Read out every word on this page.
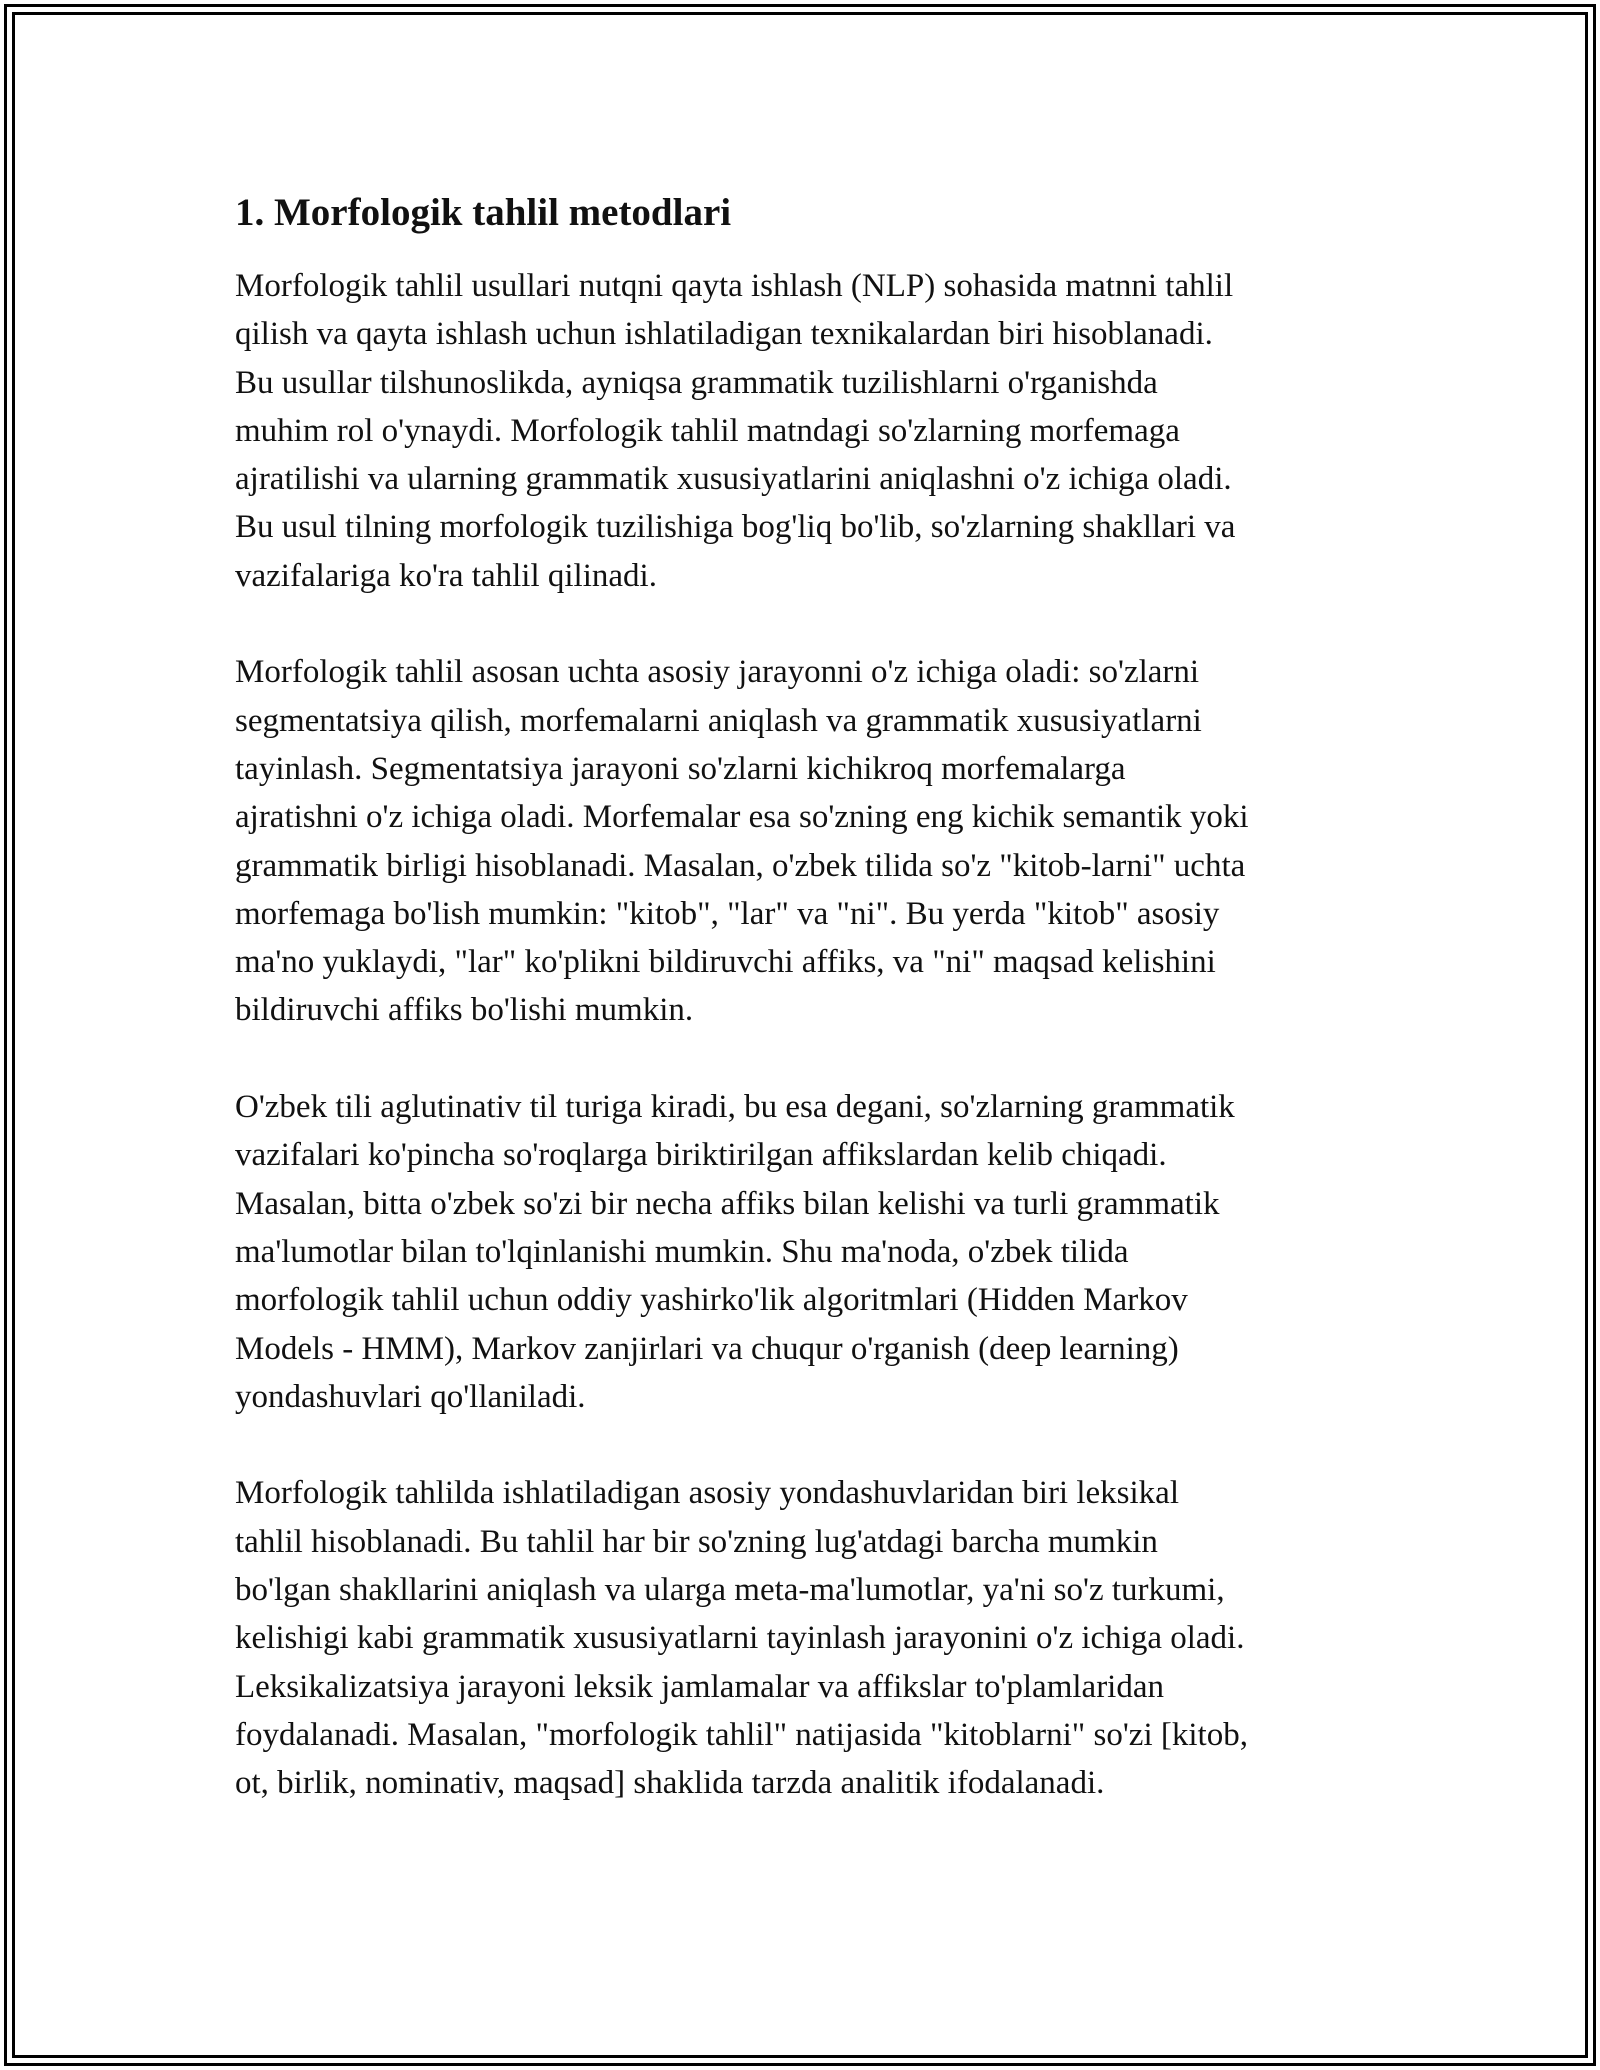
1. Morfologik tahlil metodlari
Morfologik tahlil usullari nutqni qayta ishlash (NLP) sohasida matnni tahlil
qilish va qayta ishlash uchun ishlatiladigan texnikalardan biri hisoblanadi.
Bu usullar tilshunoslikda, ayniqsa grammatik tuzilishlarni o'rganishda
muhim rol o'ynaydi. Morfologik tahlil matndagi so'zlarning morfemaga
ajratilishi va ularning grammatik xususiyatlarini aniqlashni o'z ichiga oladi.
Bu usul tilning morfologik tuzilishiga bog'liq bo'lib, so'zlarning shakllari va
vazifalariga ko'ra tahlil qilinadi.
Morfologik tahlil asosan uchta asosiy jarayonni o'z ichiga oladi: so'zlarni
segmentatsiya qilish, morfemalarni aniqlash va grammatik xususiyatlarni
tayinlash. Segmentatsiya jarayoni so'zlarni kichikroq morfemalarga
ajratishni o'z ichiga oladi. Morfemalar esa so'zning eng kichik semantik yoki
grammatik birligi hisoblanadi. Masalan, o'zbek tilida so'z "kitob-larni" uchta
morfemaga bo'lish mumkin: "kitob", "lar" va "ni". Bu yerda "kitob" asosiy
ma'no yuklaydi, "lar" ko'plikni bildiruvchi affiks, va "ni" maqsad kelishini
bildiruvchi affiks bo'lishi mumkin.
O'zbek tili aglutinativ til turiga kiradi, bu esa degani, so'zlarning grammatik
vazifalari ko'pincha so'roqlarga biriktirilgan affikslardan kelib chiqadi.
Masalan, bitta o'zbek so'zi bir necha affiks bilan kelishi va turli grammatik
ma'lumotlar bilan to'lqinlanishi mumkin. Shu ma'noda, o'zbek tilida
morfologik tahlil uchun oddiy yashirko'lik algoritmlari (Hidden Markov
Models - HMM), Markov zanjirlari va chuqur o'rganish (deep learning)
yondashuvlari qo'llaniladi.
Morfologik tahlilda ishlatiladigan asosiy yondashuvlaridan biri leksikal
tahlil hisoblanadi. Bu tahlil har bir so'zning lug'atdagi barcha mumkin
bo'lgan shakllarini aniqlash va ularga meta-ma'lumotlar, ya'ni so'z turkumi,
kelishigi kabi grammatik xususiyatlarni tayinlash jarayonini o'z ichiga oladi.
Leksikalizatsiya jarayoni leksik jamlamalar va affikslar to'plamlaridan
foydalanadi. Masalan, "morfologik tahlil" natijasida "kitoblarni" so'zi [kitob,
ot, birlik, nominativ, maqsad] shaklida tarzda analitik ifodalanadi.
